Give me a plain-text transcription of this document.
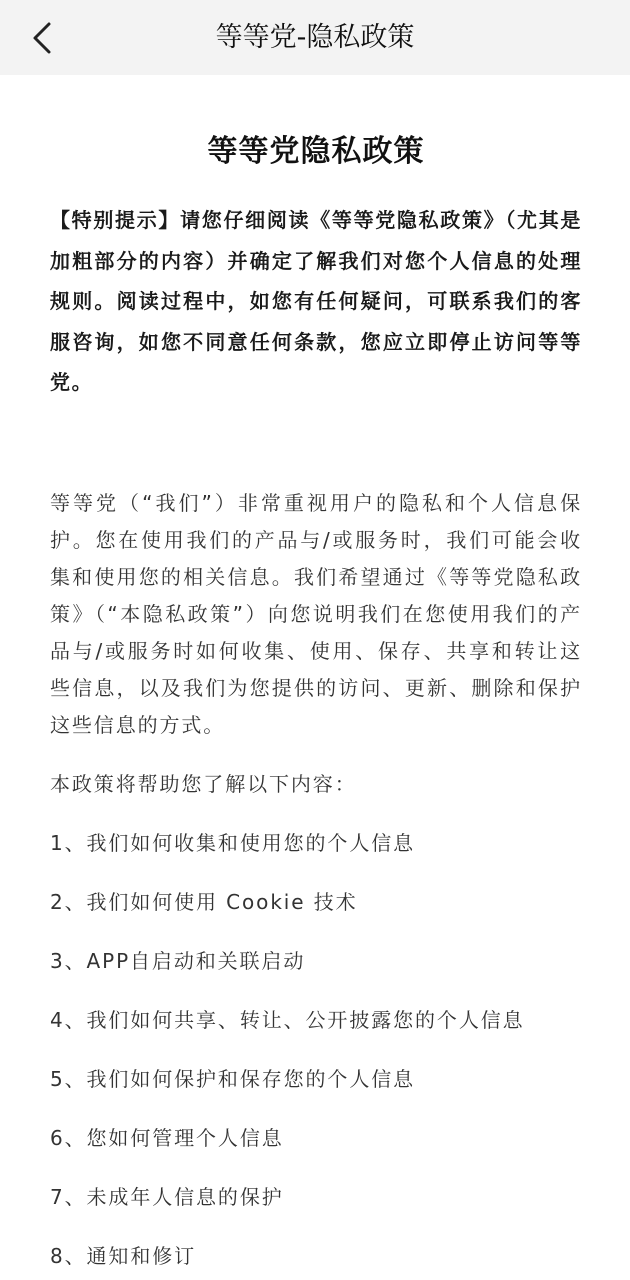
等等党-隐私政策
等等党隐私政策

【特别提示】请您仔细阅读《等等党隐私政策》（尤其是加粗部分的内容）并确定了解我们对您个人信息的处理规则。阅读过程中，如您有任何疑问，可联系我们的客服咨询，如您不同意任何条款，您应立即停止访问等等党。

等等党（“我们”）非常重视用户的隐私和个人信息保护。您在使用我们的产品与/或服务时，我们可能会收集和使用您的相关信息。我们希望通过《等等党隐私政策》（“本隐私政策”）向您说明我们在您使用我们的产品与/或服务时如何收集、使用、保存、共享和转让这些信息，以及我们为您提供的访问、更新、删除和保护这些信息的方式。

本政策将帮助您了解以下内容：

1、我们如何收集和使用您的个人信息
2、我们如何使用 Cookie 技术
3、APP自启动和关联启动
4、我们如何共享、转让、公开披露您的个人信息
5、我们如何保护和保存您的个人信息
6、您如何管理个人信息
7、未成年人信息的保护
8、通知和修订
